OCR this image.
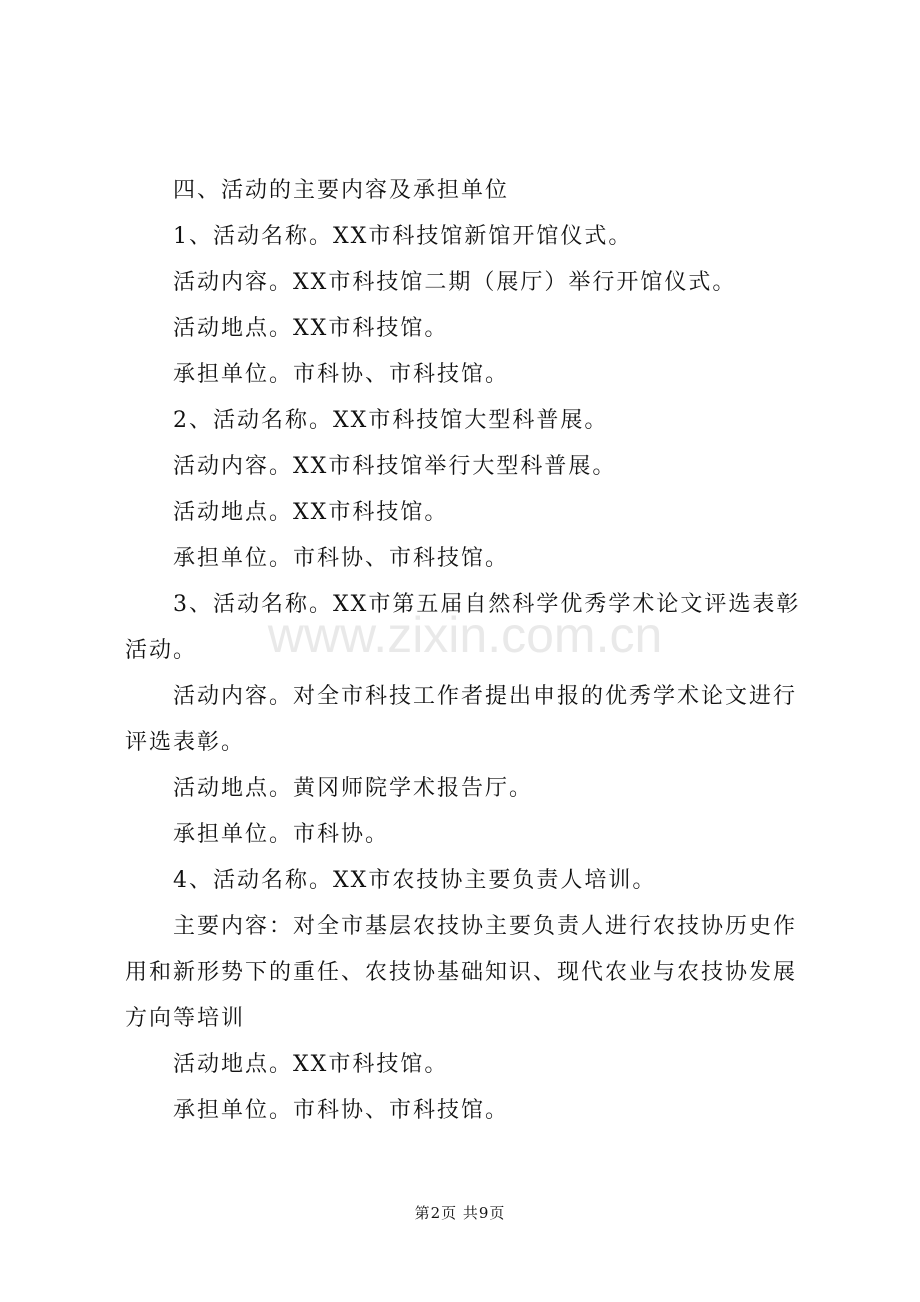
www.zixin.com.cn

四、活动的主要内容及承担单位

1、活动名称。XX市科技馆新馆开馆仪式。

活动内容。XX市科技馆二期（展厅）举行开馆仪式。

活动地点。XX市科技馆。

承担单位。市科协、市科技馆。

2、活动名称。XX市科技馆大型科普展。

活动内容。XX市科技馆举行大型科普展。

活动地点。XX市科技馆。

承担单位。市科协、市科技馆。

3、活动名称。XX市第五届自然科学优秀学术论文评选表彰活动。

活动内容。对全市科技工作者提出申报的优秀学术论文进行评选表彰。

活动地点。黄冈师院学术报告厅。

承担单位。市科协。

4、活动名称。XX市农技协主要负责人培训。

主要内容：对全市基层农技协主要负责人进行农技协历史作用和新形势下的重任、农技协基础知识、现代农业与农技协发展方向等培训

活动地点。XX市科技馆。

承担单位。市科协、市科技馆。

第2页 共9页
